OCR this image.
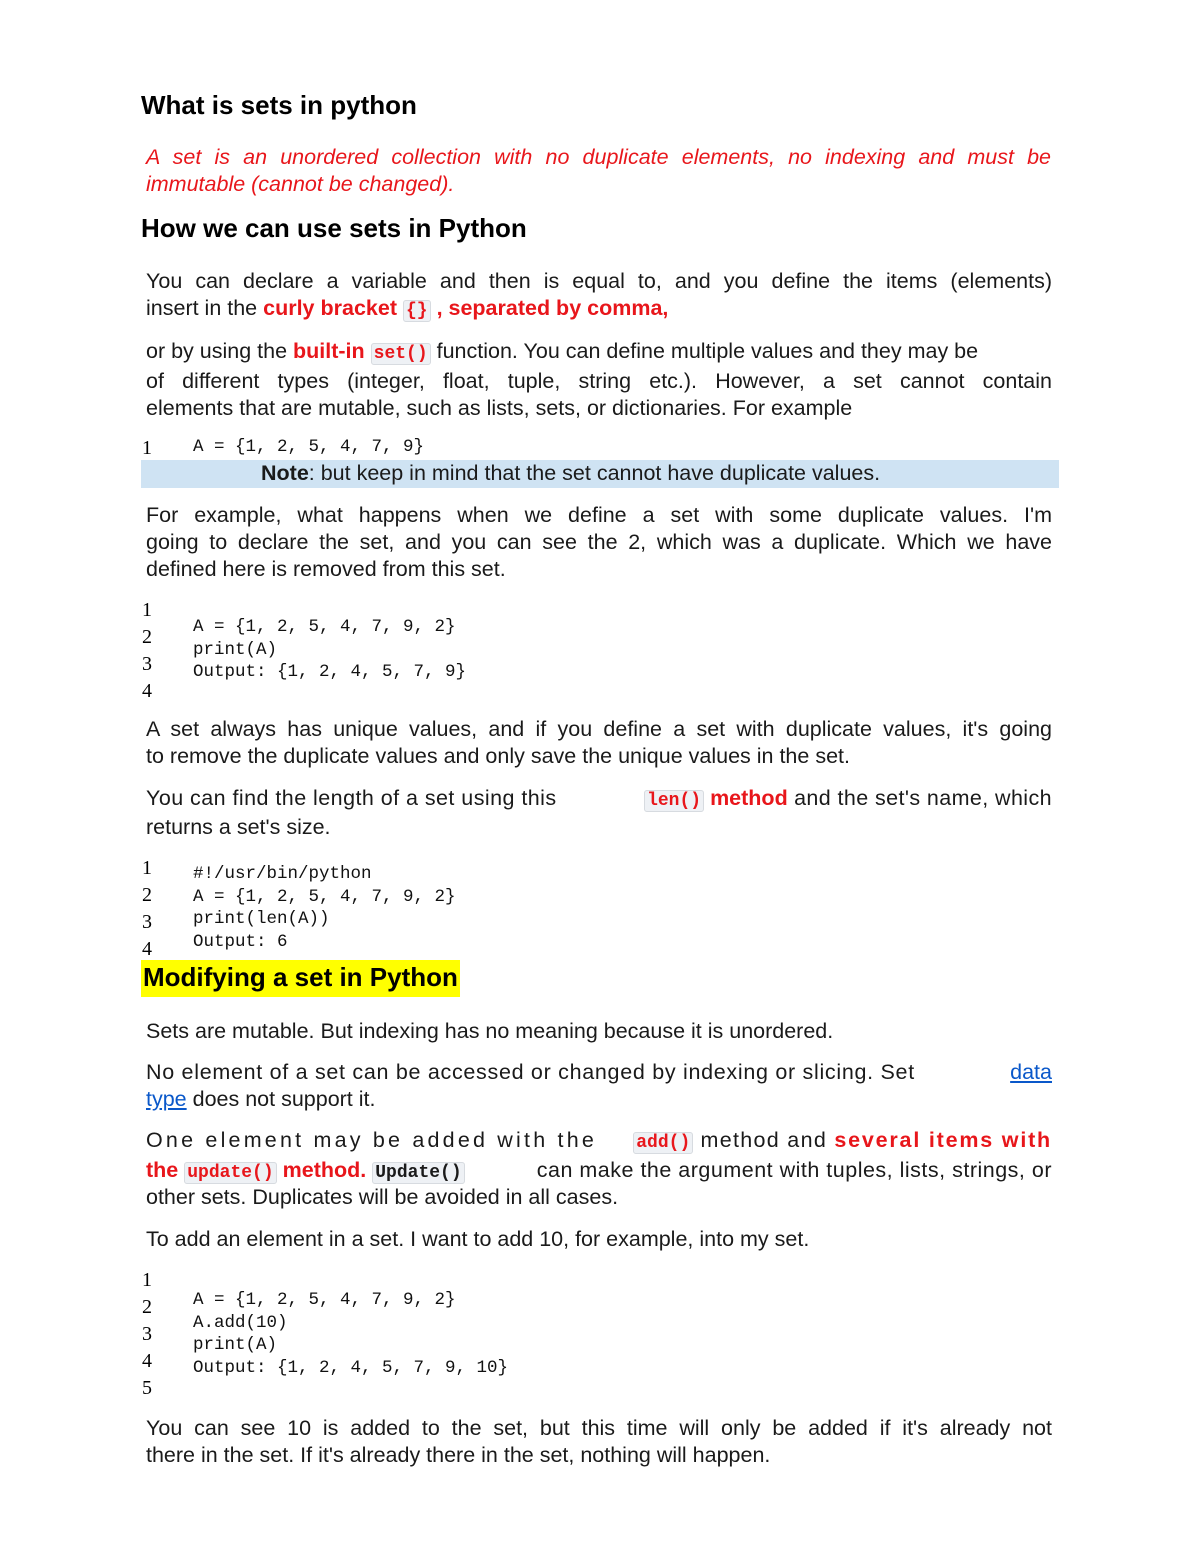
What is sets in python
A set is an unordered collection with no duplicate elements, no indexing and must be
immutable (cannot be changed).
How we can use sets in Python
You can declare a variable and then is equal to, and you define the items (elements)
insert in the curly bracket {} , separated by comma,
or by using the built-in set() function. You can define multiple values and they may be
of different types (integer, float, tuple, string etc.). However, a set cannot contain
elements that are mutable, such as lists, sets, or dictionaries. For example
1 A = {1, 2, 5, 4, 7, 9}
Note: but keep in mind that the set cannot have duplicate values.
For example, what happens when we define a set with some duplicate values. I'm
going to declare the set, and you can see the 2, which was a duplicate. Which we have
defined here is removed from this set.
1
2
3
4
A = {1, 2, 5, 4, 7, 9, 2}
print(A)
Output: {1, 2, 4, 5, 7, 9}
A set always has unique values, and if you define a set with duplicate values, it's going
to remove the duplicate values and only save the unique values in the set.
You can find the length of a set using this	len() method and the set's name, which
returns a set's size.
1
2
3
4
#!/usr/bin/python
A = {1, 2, 5, 4, 7, 9, 2}
print(len(A))
Output: 6
Modifying a set in Python
Sets are mutable. But indexing has no meaning because it is unordered.
No element of a set can be accessed or changed by indexing or slicing. Set	data
type does not support it.
One element may be added with the add() method and several items with
the update() method. Update()	can make the argument with tuples, lists, strings, or
other sets. Duplicates will be avoided in all cases.
To add an element in a set. I want to add 10, for example, into my set.
1
2
3
4
5
A = {1, 2, 5, 4, 7, 9, 2}
A.add(10)
print(A)
Output: {1, 2, 4, 5, 7, 9, 10}
You can see 10 is added to the set, but this time will only be added if it's already not
there in the set. If it's already there in the set, nothing will happen.
